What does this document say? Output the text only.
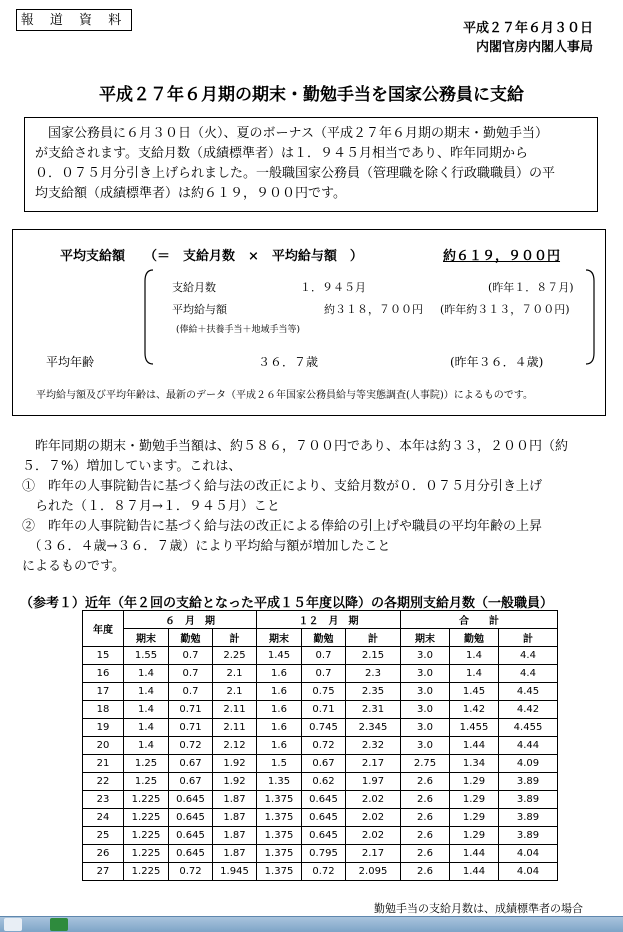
報 道 資 料
平成２７年６月３０日
内閣官房内閣人事局
平成２７年６月期の期末・勤勉手当を国家公務員に支給
　国家公務員に６月３０日（火）、夏のボーナス（平成２７年６月期の期末・勤勉手当）
が支給されます。支給月数（成績標準者）は１．９４５月相当であり、昨年同期から
０．０７５月分引き上げられました。一般職国家公務員（管理職を除く行政職職員）の平
均支給額（成績標準者）は約６１９，９００円です。
平均支給額 （＝　支給月数　×　平均給与額　）	約６１９，９００円
支給月数	１．９４５月	(昨年１．８７月)
平均給与額	約３１８，７００円 (昨年約３１３，７００円)
(俸給＋扶養手当＋地域手当等)
平均年齢	３６．７歳	(昨年３６．４歳)
平均給与額及び平均年齢は、最新のデータ（平成２６年国家公務員給与等実態調査(人事院)）によるものです。
　昨年同期の期末・勤勉手当額は、約５８６，７００円であり、本年は約３３，２００円（約
５．７%）増加しています。これは、
①　昨年の人事院勧告に基づく給与法の改正により、支給月数が０．０７５月分引き上げ
　られた（１．８７月→１．９４５月）こと
②　昨年の人事院勧告に基づく給与法の改正による俸給の引上げや職員の平均年齢の上昇
　（３６．４歳→３６．７歳）により平均給与額が増加したこと
によるものです。
（参考１）近年（年２回の支給となった平成１５年度以降）の各期別支給月数（一般職員）
年度	６　月　期			１２　月　期			合　　計		
	期末	勤勉	計	期末	勤勉	計	期末	勤勉	計
15	1.55	0.7	2.25	1.45	0.7	2.15	3.0	1.4	4.4
16	1.4	0.7	2.1	1.6	0.7	2.3	3.0	1.4	4.4
17	1.4	0.7	2.1	1.6	0.75	2.35	3.0	1.45	4.45
18	1.4	0.71	2.11	1.6	0.71	2.31	3.0	1.42	4.42
19	1.4	0.71	2.11	1.6	0.745	2.345	3.0	1.455	4.455
20	1.4	0.72	2.12	1.6	0.72	2.32	3.0	1.44	4.44
21	1.25	0.67	1.92	1.5	0.67	2.17	2.75	1.34	4.09
22	1.25	0.67	1.92	1.35	0.62	1.97	2.6	1.29	3.89
23	1.225	0.645	1.87	1.375	0.645	2.02	2.6	1.29	3.89
24	1.225	0.645	1.87	1.375	0.645	2.02	2.6	1.29	3.89
25	1.225	0.645	1.87	1.375	0.645	2.02	2.6	1.29	3.89
26	1.225	0.645	1.87	1.375	0.795	2.17	2.6	1.44	4.04
27	1.225	0.72	1.945	1.375	0.72	2.095	2.6	1.44	4.04
勤勉手当の支給月数は、成績標準者の場合
